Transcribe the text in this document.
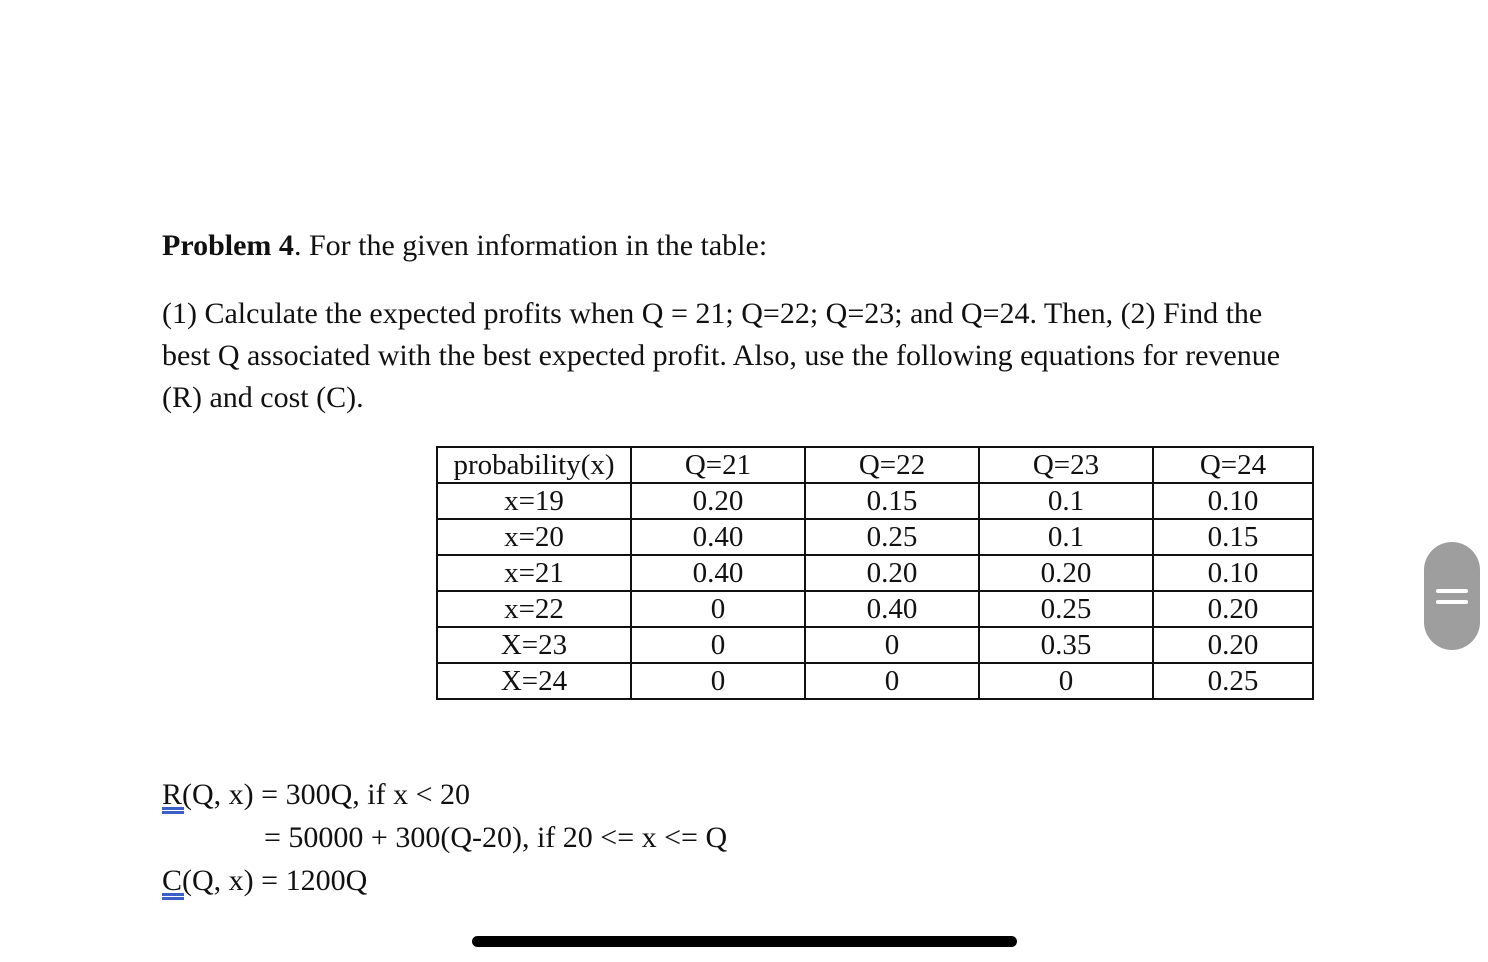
Problem 4. For the given information in the table:
(1) Calculate the expected profits when Q = 21; Q=22; Q=23; and Q=24. Then, (2) Find the best Q associated with the best expected profit. Also, use the following equations for revenue (R) and cost (C).
probability(x)	Q=21	Q=22	Q=23	Q=24
x=19	0.20	0.15	0.1	0.10
x=20	0.40	0.25	0.1	0.15
x=21	0.40	0.20	0.20	0.10
x=22	0	0.40	0.25	0.20
X=23	0	0	0.35	0.20
X=24	0	0	0	0.25
R(Q, x) = 300Q, if x < 20
= 50000 + 300(Q-20), if 20 <= x <= Q
C(Q, x) = 1200Q
